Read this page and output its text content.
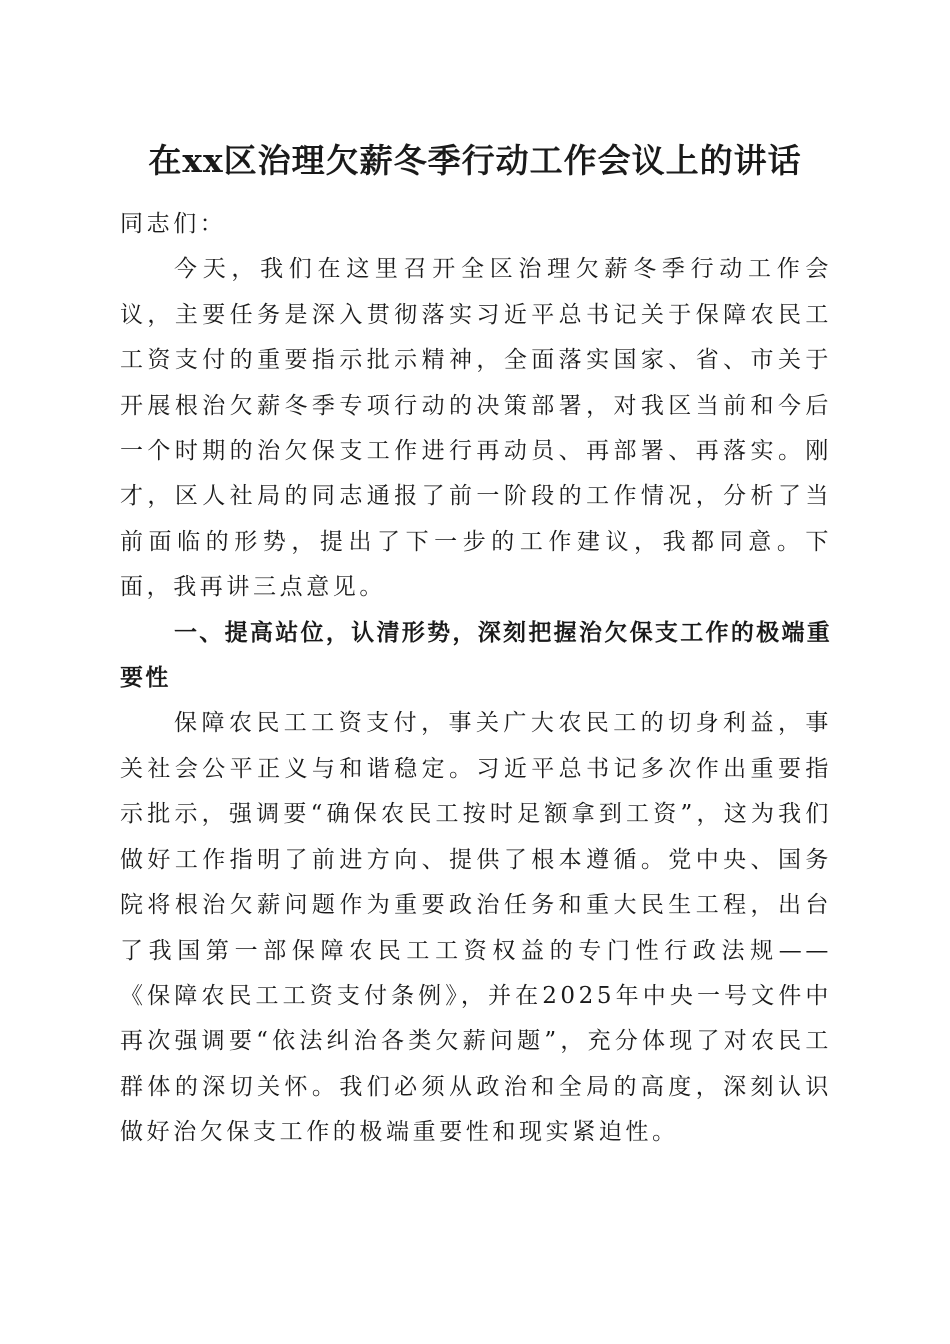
在xx区治理欠薪冬季行动工作会议上的讲话

同志们：

今天，我们在这里召开全区治理欠薪冬季行动工作会议，主要任务是深入贯彻落实习近平总书记关于保障农民工工资支付的重要指示批示精神，全面落实国家、省、市关于开展根治欠薪冬季专项行动的决策部署，对我区当前和今后一个时期的治欠保支工作进行再动员、再部署、再落实。刚才，区人社局的同志通报了前一阶段的工作情况，分析了当前面临的形势，提出了下一步的工作建议，我都同意。下面，我再讲三点意见。

一、提高站位，认清形势，深刻把握治欠保支工作的极端重要性

保障农民工工资支付，事关广大农民工的切身利益，事关社会公平正义与和谐稳定。习近平总书记多次作出重要指示批示，强调要“确保农民工按时足额拿到工资”，这为我们做好工作指明了前进方向、提供了根本遵循。党中央、国务院将根治欠薪问题作为重要政治任务和重大民生工程，出台了我国第一部保障农民工工资权益的专门性行政法规——《保障农民工工资支付条例》，并在2025年中央一号文件中再次强调要“依法纠治各类欠薪问题”，充分体现了对农民工群体的深切关怀。我们必须从政治和全局的高度，深刻认识做好治欠保支工作的极端重要性和现实紧迫性。
